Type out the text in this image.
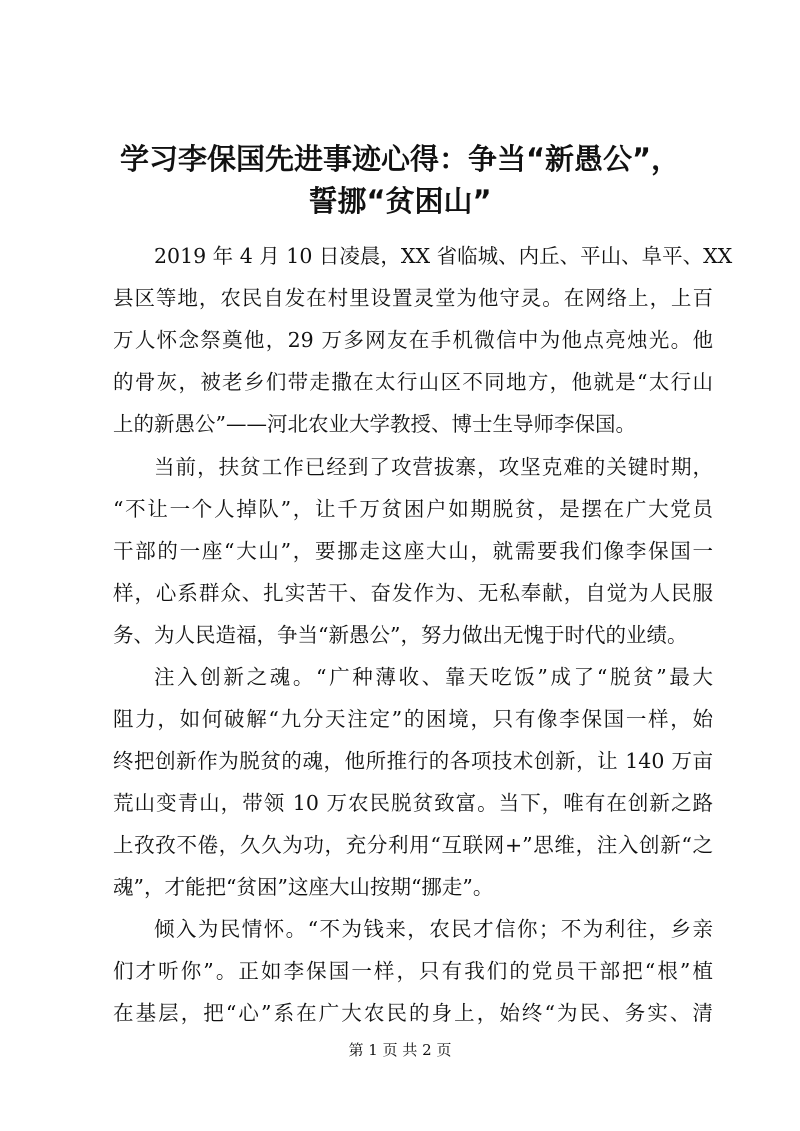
学习李保国先进事迹心得：争当“新愚公”，
誓挪“贫困山”
2019 年 4 月 10 日凌晨，XX 省临城、内丘、平山、阜平、XX
县区等地，农民自发在村里设置灵堂为他守灵。在网络上，上百
万人怀念祭奠他，29 万多网友在手机微信中为他点亮烛光。他
的骨灰，被老乡们带走撒在太行山区不同地方，他就是“太行山
上的新愚公”——河北农业大学教授、博士生导师李保国。
当前，扶贫工作已经到了攻营拔寨，攻坚克难的关键时期，
“不让一个人掉队”，让千万贫困户如期脱贫，是摆在广大党员
干部的一座“大山”，要挪走这座大山，就需要我们像李保国一
样，心系群众、扎实苦干、奋发作为、无私奉献，自觉为人民服
务、为人民造福，争当“新愚公”，努力做出无愧于时代的业绩。
注入创新之魂。“广种薄收、靠天吃饭”成了“脱贫”最大
阻力，如何破解“九分天注定”的困境，只有像李保国一样，始
终把创新作为脱贫的魂，他所推行的各项技术创新，让 140 万亩
荒山变青山，带领 10 万农民脱贫致富。当下，唯有在创新之路
上孜孜不倦，久久为功，充分利用“互联网+”思维，注入创新“之
魂”，才能把“贫困”这座大山按期“挪走”。
倾入为民情怀。“不为钱来，农民才信你；不为利往，乡亲
们才听你”。正如李保国一样，只有我们的党员干部把“根”植
在基层，把“心”系在广大农民的身上，始终“为民、务实、清
第 1 页 共 2 页
